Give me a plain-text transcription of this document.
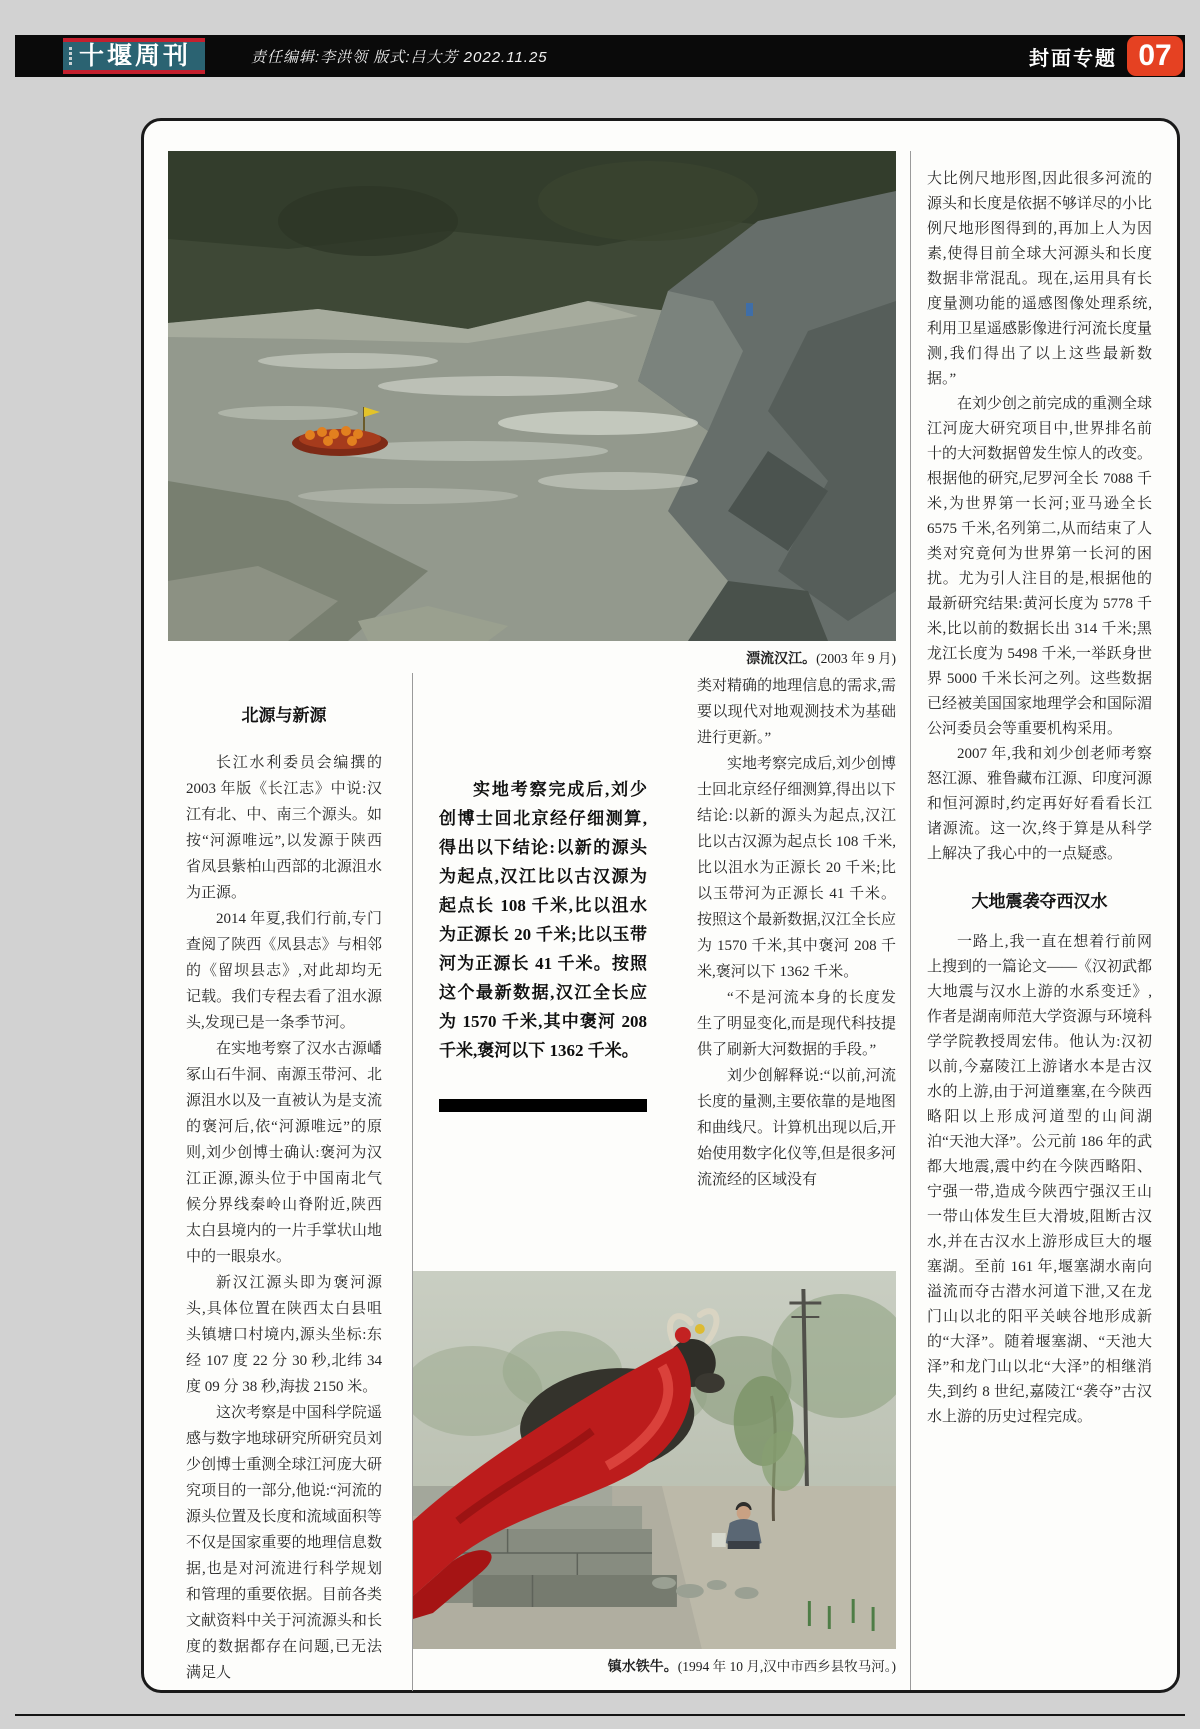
十堰周刊	责任编辑:李洪领 版式:吕大芳 2022.11.25	封面专题 07
漂流汉江。(2003 年 9 月)
北源与新源

长江水利委员会编撰的 2003 年版《长江志》中说:汉江有北、中、南三个源头。如按“河源唯远”,以发源于陕西省凤县紫柏山西部的北源沮水为正源。

2014 年夏,我们行前,专门查阅了陕西《凤县志》与相邻的《留坝县志》,对此却均无记载。我们专程去看了沮水源头,发现已是一条季节河。

在实地考察了汉水古源嶓冢山石牛洞、南源玉带河、北源沮水以及一直被认为是支流的褒河后,依“河源唯远”的原则,刘少创博士确认:褒河为汉江正源,源头位于中国南北气候分界线秦岭山脊附近,陕西太白县境内的一片手掌状山地中的一眼泉水。

新汉江源头即为褒河源头,具体位置在陕西太白县咀头镇塘口村境内,源头坐标:东经 107 度 22 分 30 秒,北纬 34 度 09 分 38 秒,海拔 2150 米。

这次考察是中国科学院遥感与数字地球研究所研究员刘少创博士重测全球江河庞大研究项目的一部分,他说:“河流的源头位置及长度和流域面积等不仅是国家重要的地理信息数据,也是对河流进行科学规划和管理的重要依据。目前各类文献资料中关于河流源头和长度的数据都存在问题,已无法满足人

实地考察完成后,刘少创博士回北京经仔细测算,得出以下结论:以新的源头为起点,汉江比以古汉源为起点长 108 千米,比以沮水为正源长 20 千米;比以玉带河为正源长 41 千米。按照这个最新数据,汉江全长应为 1570 千米,其中褒河 208 千米,褒河以下 1362 千米。

类对精确的地理信息的需求,需要以现代对地观测技术为基础进行更新。”

实地考察完成后,刘少创博士回北京经仔细测算,得出以下结论:以新的源头为起点,汉江比以古汉源为起点长 108 千米,比以沮水为正源长 20 千米;比以玉带河为正源长 41 千米。按照这个最新数据,汉江全长应为 1570 千米,其中褒河 208 千米,褒河以下 1362 千米。

“不是河流本身的长度发生了明显变化,而是现代科技提供了刷新大河数据的手段。”

刘少创解释说:“以前,河流长度的量测,主要依靠的是地图和曲线尺。计算机出现以后,开始使用数字化仪等,但是很多河流流经的区域没有

镇水铁牛。(1994 年 10 月,汉中市西乡县牧马河。)

大比例尺地形图,因此很多河流的源头和长度是依据不够详尽的小比例尺地形图得到的,再加上人为因素,使得目前全球大河源头和长度数据非常混乱。现在,运用具有长度量测功能的遥感图像处理系统,利用卫星遥感影像进行河流长度量测,我们得出了以上这些最新数据。”

在刘少创之前完成的重测全球江河庞大研究项目中,世界排名前十的大河数据曾发生惊人的改变。根据他的研究,尼罗河全长 7088 千米,为世界第一长河;亚马逊全长 6575 千米,名列第二,从而结束了人类对究竟何为世界第一长河的困扰。尤为引人注目的是,根据他的最新研究结果:黄河长度为 5778 千米,比以前的数据长出 314 千米;黑龙江长度为 5498 千米,一举跃身世界 5000 千米长河之列。这些数据已经被美国国家地理学会和国际湄公河委员会等重要机构采用。

2007 年,我和刘少创老师考察怒江源、雅鲁藏布江源、印度河源和恒河源时,约定再好好看看长江诸源流。这一次,终于算是从科学上解决了我心中的一点疑惑。

大地震袭夺西汉水

一路上,我一直在想着行前网上搜到的一篇论文——《汉初武都大地震与汉水上游的水系变迁》,作者是湖南师范大学资源与环境科学学院教授周宏伟。他认为:汉初以前,今嘉陵江上游诸水本是古汉水的上游,由于河道壅塞,在今陕西略阳以上形成河道型的山间湖泊“天池大泽”。公元前 186 年的武都大地震,震中约在今陕西略阳、宁强一带,造成今陕西宁强汉王山一带山体发生巨大滑坡,阻断古汉水,并在古汉水上游形成巨大的堰塞湖。至前 161 年,堰塞湖水南向溢流而夺古潜水河道下泄,又在龙门山以北的阳平关峡谷地形成新的“大泽”。随着堰塞湖、“天池大泽”和龙门山以北“大泽”的相继消失,到约 8 世纪,嘉陵江“袭夺”古汉水上游的历史过程完成。
